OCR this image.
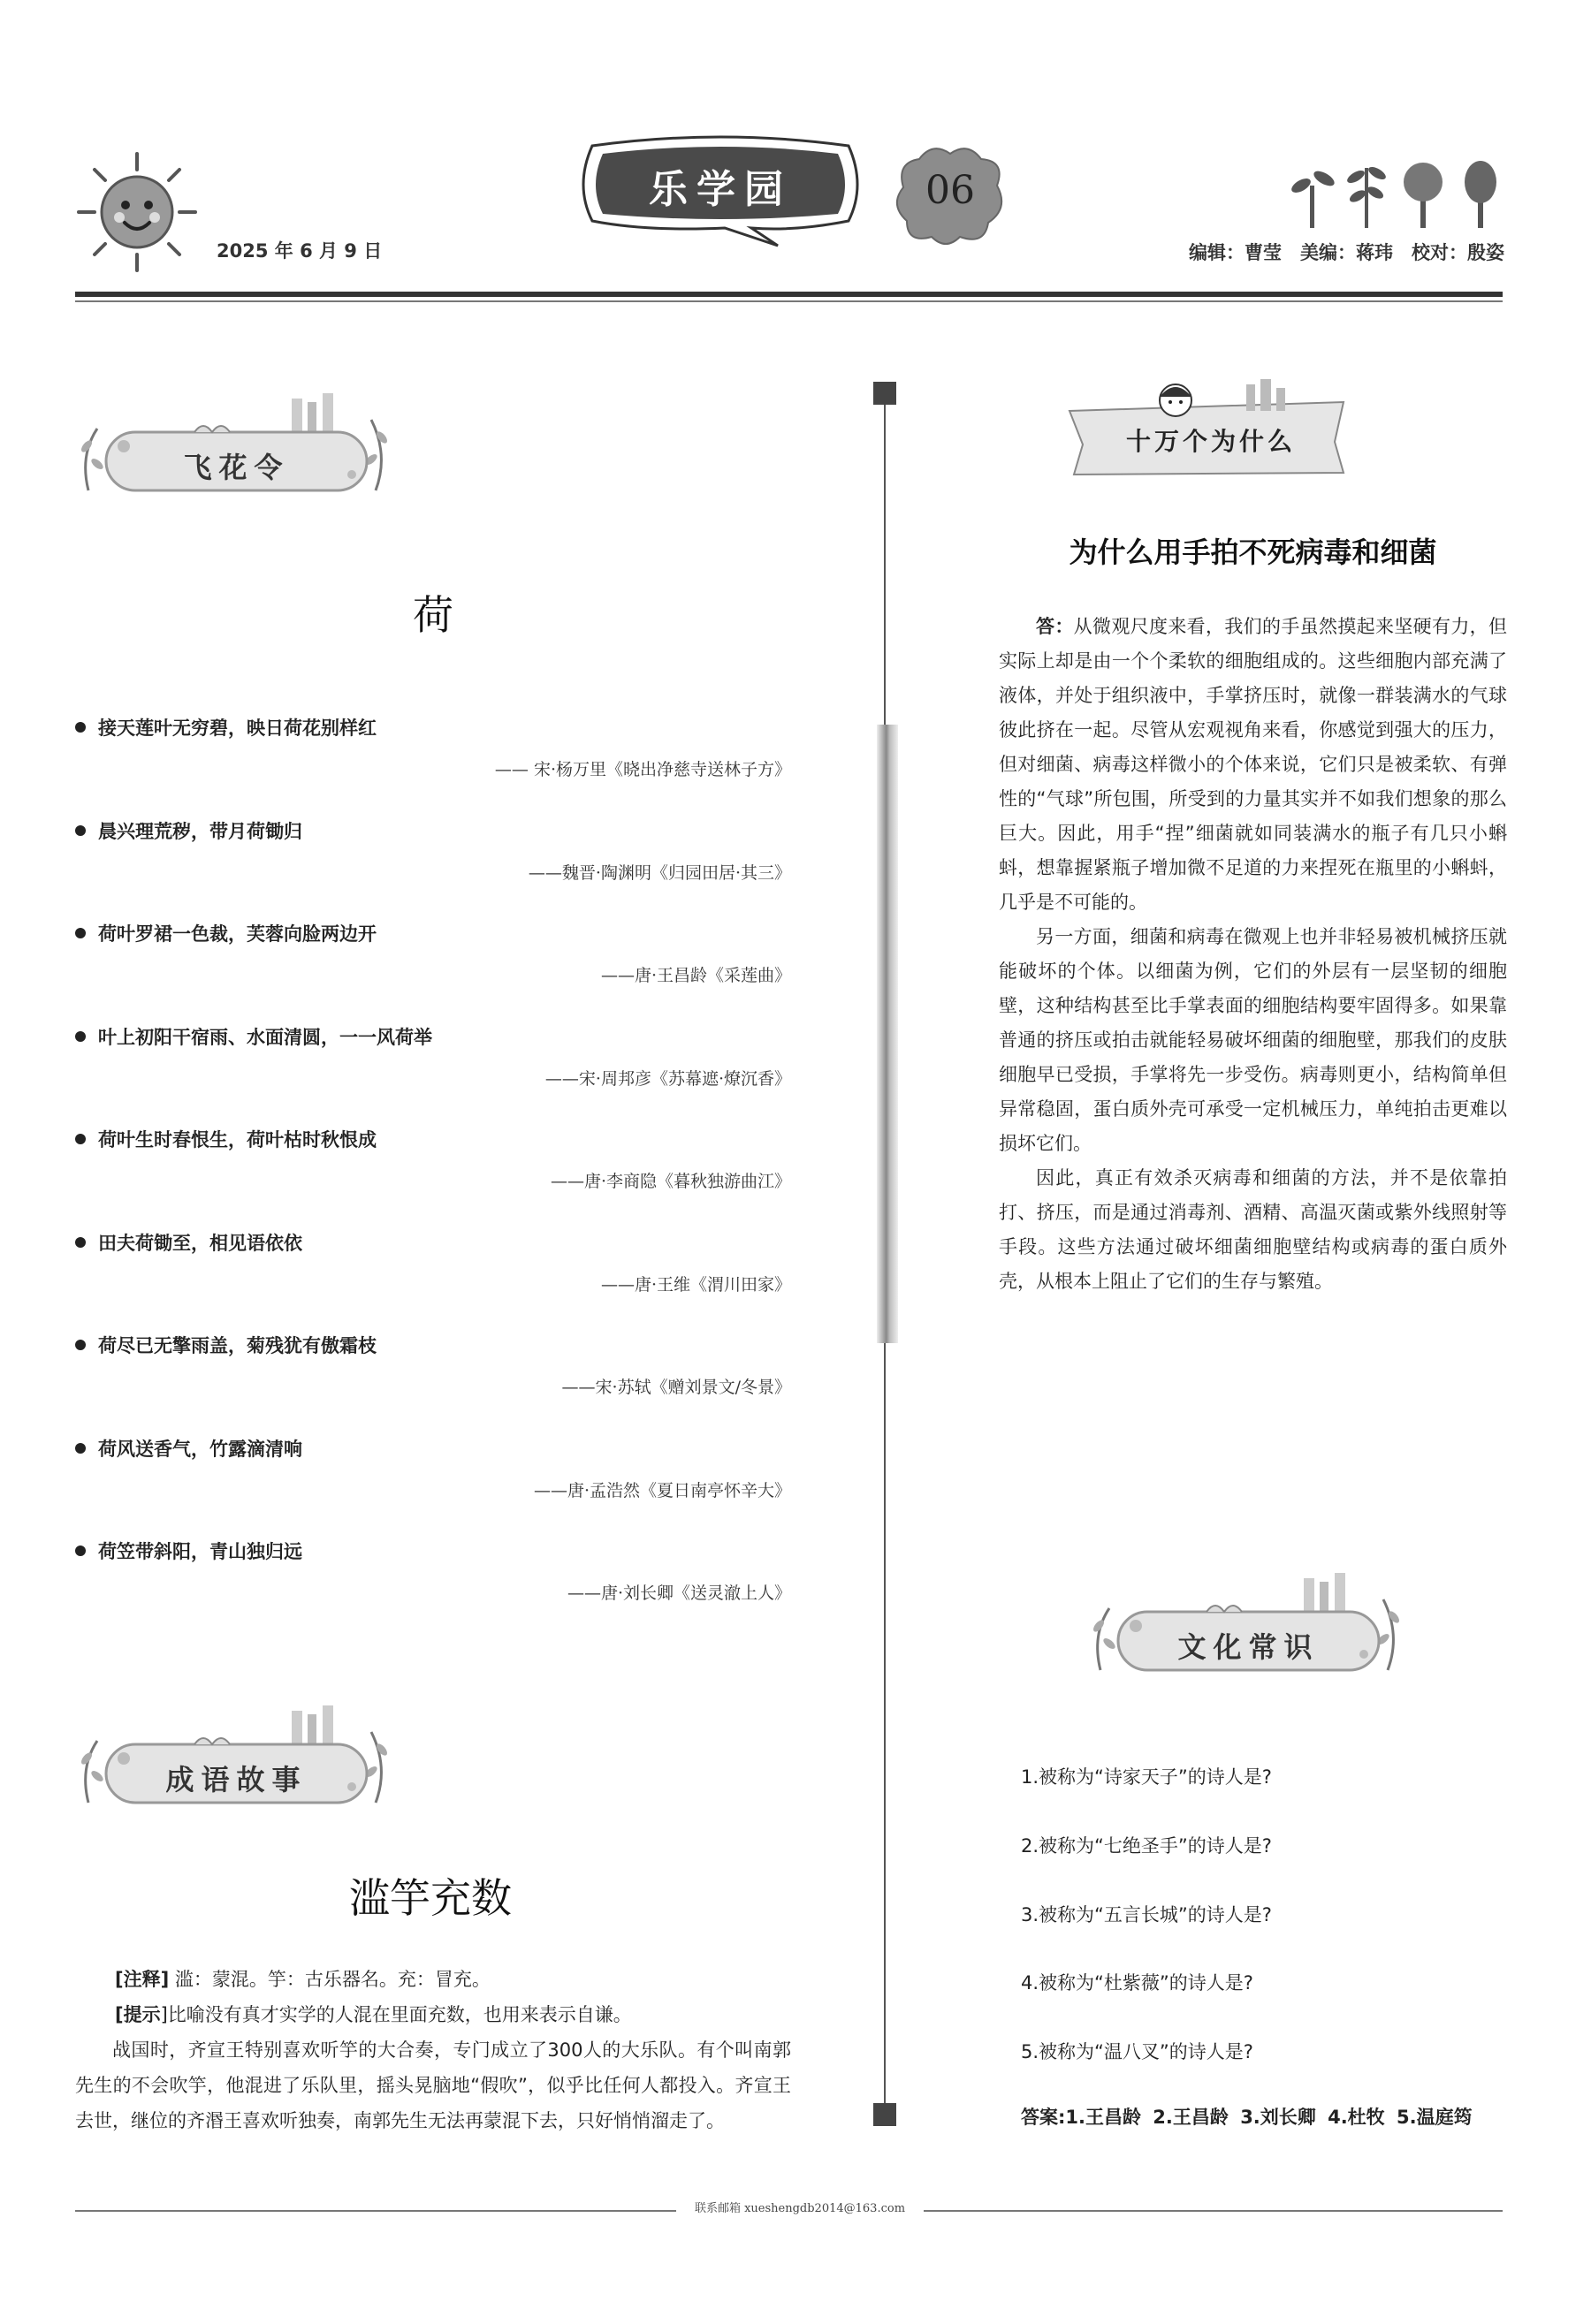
2025 年 6 月 9 日
乐学园	06
编辑：曹莹　美编：蒋玮　校对：殷姿
飞花令
荷
接天莲叶无穷碧，映日荷花别样红
—— 宋·杨万里《晓出净慈寺送林子方》
晨兴理荒秽，带月荷锄归
——魏晋·陶渊明《归园田居·其三》
荷叶罗裙一色裁，芙蓉向脸两边开
——唐·王昌龄《采莲曲》
叶上初阳干宿雨、水面清圆，一一风荷举
——宋·周邦彦《苏幕遮·燎沉香》
荷叶生时春恨生，荷叶枯时秋恨成
——唐·李商隐《暮秋独游曲江》
田夫荷锄至，相见语依依
——唐·王维《渭川田家》
荷尽已无擎雨盖，菊残犹有傲霜枝
——宋·苏轼《赠刘景文/冬景》
荷风送香气，竹露滴清响
——唐·孟浩然《夏日南亭怀辛大》
荷笠带斜阳，青山独归远
——唐·刘长卿《送灵澈上人》
成语故事
滥竽充数
[注释] 滥：蒙混。竽：古乐器名。充：冒充。
[提示]比喻没有真才实学的人混在里面充数，也用来表示自谦。
战国时，齐宣王特别喜欢听竽的大合奏，专门成立了300人的大乐队。有个叫南郭先生的不会吹竽，他混进了乐队里，摇头晃脑地“假吹”，似乎比任何人都投入。齐宣王去世，继位的齐湣王喜欢听独奏，南郭先生无法再蒙混下去，只好悄悄溜走了。
十万个为什么
为什么用手拍不死病毒和细菌

答：从微观尺度来看，我们的手虽然摸起来坚硬有力，但实际上却是由一个个柔软的细胞组成的。这些细胞内部充满了液体，并处于组织液中，手掌挤压时，就像一群装满水的气球彼此挤在一起。尽管从宏观视角来看，你感觉到强大的压力，但对细菌、病毒这样微小的个体来说，它们只是被柔软、有弹性的“气球”所包围，所受到的力量其实并不如我们想象的那么巨大。因此，用手“捏”细菌就如同装满水的瓶子有几只小蝌蚪，想靠握紧瓶子增加微不足道的力来捏死在瓶里的小蝌蚪，几乎是不可能的。

另一方面，细菌和病毒在微观上也并非轻易被机械挤压就能破坏的个体。以细菌为例，它们的外层有一层坚韧的细胞壁，这种结构甚至比手掌表面的细胞结构要牢固得多。如果靠普通的挤压或拍击就能轻易破坏细菌的细胞壁，那我们的皮肤细胞早已受损，手掌将先一步受伤。病毒则更小，结构简单但异常稳固，蛋白质外壳可承受一定机械压力，单纯拍击更难以损坏它们。

因此，真正有效杀灭病毒和细菌的方法，并不是依靠拍打、挤压，而是通过消毒剂、酒精、高温灭菌或紫外线照射等手段。这些方法通过破坏细菌细胞壁结构或病毒的蛋白质外壳，从根本上阻止了它们的生存与繁殖。

文化常识
1.被称为“诗家天子”的诗人是?
2.被称为“七绝圣手”的诗人是?
3.被称为“五言长城”的诗人是?
4.被称为“杜紫薇”的诗人是?
5.被称为“温八叉”的诗人是?
答案:1.王昌龄 2.王昌龄 3.刘长卿 4.杜牧 5.温庭筠
联系邮箱 xueshengdb2014@163.com
